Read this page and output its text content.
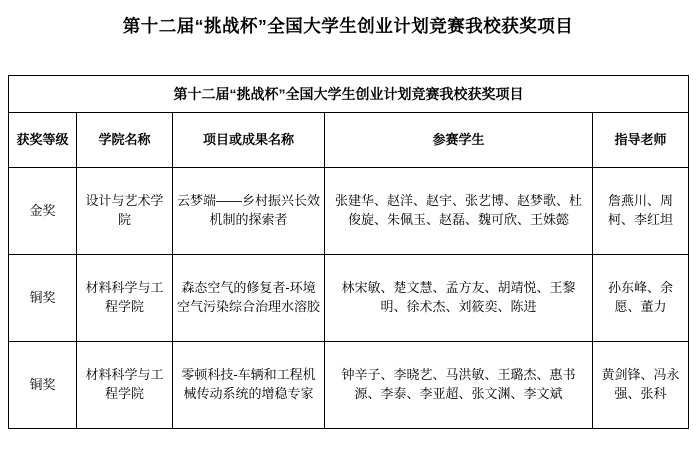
第十二届“挑战杯”全国大学生创业计划竞赛我校获奖项目
第十二届“挑战杯”全国大学生创业计划竞赛我校获奖项目				
获奖等级	学院名称	项目或成果名称	参赛学生	指导老师
金奖	设计与艺术学院	云梦端——乡村振兴长效机制的探索者	张建华、赵洋、赵宇、张艺博、赵梦歌、杜俊旋、朱佩玉、赵磊、魏可欣、王姝懿	詹燕川、周柯、李红坦
铜奖	材料科学与工程学院	森态空气的修复者-环境空气污染综合治理水溶胶	林宋敏、楚文慧、孟方友、胡靖悦、王黎明、徐术杰、刘筱奕、陈进	孙东峰、余愿、董力
铜奖	材料科学与工程学院	零顿科技-车辆和工程机械传动系统的增稳专家	钟辛子、李晓艺、马洪敏、王璐杰、惠书源、李泰、李亚超、张文渊、李文斌	黄剑锋、冯永强、张科
